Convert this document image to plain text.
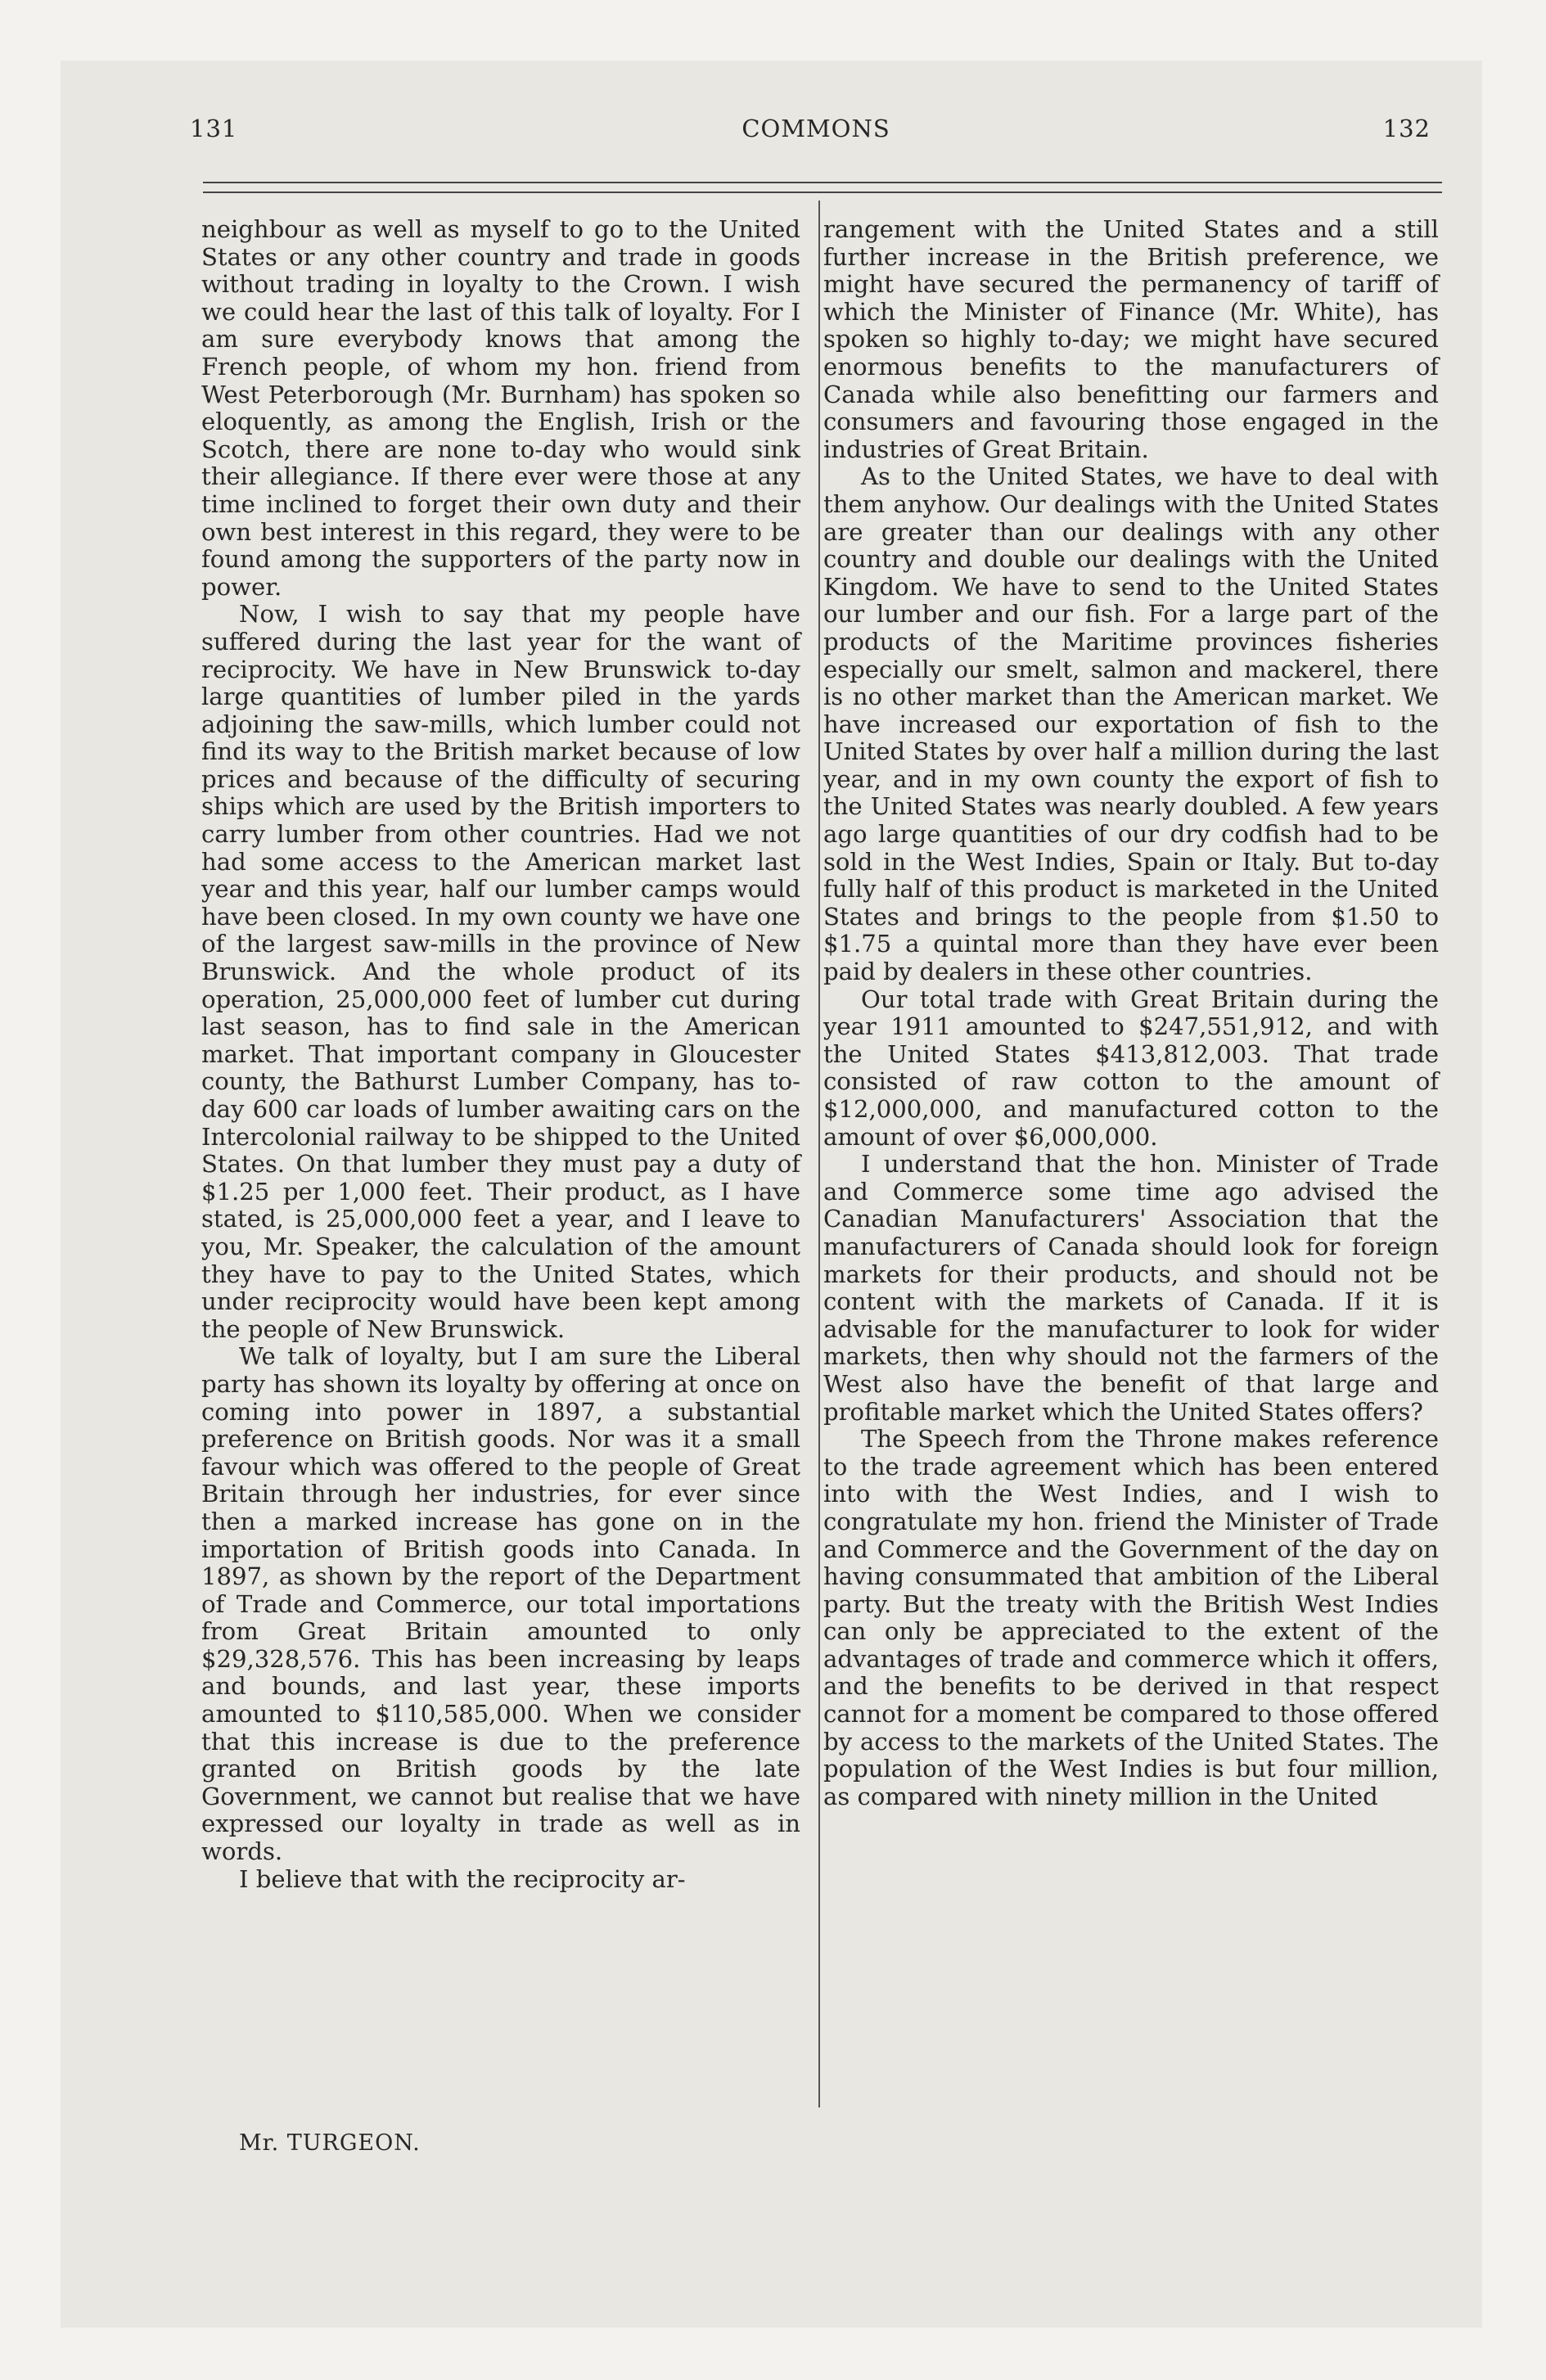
131	COMMONS	132

neighbour as well as myself to go to the United States or any other country and trade in goods without trading in loyalty to the Crown. I wish we could hear the last of this talk of loyalty. For I am sure everybody knows that among the French people, of whom my hon. friend from West Peterborough (Mr. Burnham) has spoken so eloquently, as among the English, Irish or the Scotch, there are none to-day who would sink their allegiance. If there ever were those at any time inclined to forget their own duty and their own best interest in this regard, they were to be found among the supporters of the party now in power.

Now, I wish to say that my people have suffered during the last year for the want of reciprocity. We have in New Brunswick to-day large quantities of lumber piled in the yards adjoining the saw-mills, which lumber could not find its way to the British market because of low prices and because of the difficulty of securing ships which are used by the British importers to carry lumber from other countries. Had we not had some access to the American market last year and this year, half our lumber camps would have been closed. In my own county we have one of the largest saw-mills in the province of New Brunswick. And the whole product of its operation, 25,000,000 feet of lumber cut during last season, has to find sale in the American market. That important company in Gloucester county, the Bathurst Lumber Company, has to-day 600 car loads of lumber awaiting cars on the Intercolonial railway to be shipped to the United States. On that lumber they must pay a duty of $1.25 per 1,000 feet. Their product, as I have stated, is 25,000,000 feet a year, and I leave to you, Mr. Speaker, the calculation of the amount they have to pay to the United States, which under reciprocity would have been kept among the people of New Brunswick.

We talk of loyalty, but I am sure the Liberal party has shown its loyalty by offering at once on coming into power in 1897, a substantial preference on British goods. Nor was it a small favour which was offered to the people of Great Britain through her industries, for ever since then a marked increase has gone on in the importation of British goods into Canada. In 1897, as shown by the report of the Department of Trade and Commerce, our total importations from Great Britain amounted to only $29,328,576. This has been increasing by leaps and bounds, and last year, these imports amounted to $110,585,000. When we consider that this increase is due to the preference granted on British goods by the late Government, we cannot but realise that we have expressed our loyalty in trade as well as in words.

I believe that with the reciprocity ar-

rangement with the United States and a still further increase in the British preference, we might have secured the permanency of tariff of which the Minister of Finance (Mr. White), has spoken so highly to-day; we might have secured enormous benefits to the manufacturers of Canada while also benefitting our farmers and consumers and favouring those engaged in the industries of Great Britain.

As to the United States, we have to deal with them anyhow. Our dealings with the United States are greater than our dealings with any other country and double our dealings with the United Kingdom. We have to send to the United States our lumber and our fish. For a large part of the products of the Maritime provinces fisheries especially our smelt, salmon and mackerel, there is no other market than the American market. We have increased our exportation of fish to the United States by over half a million during the last year, and in my own county the export of fish to the United States was nearly doubled. A few years ago large quantities of our dry codfish had to be sold in the West Indies, Spain or Italy. But to-day fully half of this product is marketed in the United States and brings to the people from $1.50 to $1.75 a quintal more than they have ever been paid by dealers in these other countries.

Our total trade with Great Britain during the year 1911 amounted to $247,551,912, and with the United States $413,812,003. That trade consisted of raw cotton to the amount of $12,000,000, and manufactured cotton to the amount of over $6,000,000.

I understand that the hon. Minister of Trade and Commerce some time ago advised the Canadian Manufacturers' Association that the manufacturers of Canada should look for foreign markets for their products, and should not be content with the markets of Canada. If it is advisable for the manufacturer to look for wider markets, then why should not the farmers of the West also have the benefit of that large and profitable market which the United States offers?

The Speech from the Throne makes reference to the trade agreement which has been entered into with the West Indies, and I wish to congratulate my hon. friend the Minister of Trade and Commerce and the Government of the day on having consummated that ambition of the Liberal party. But the treaty with the British West Indies can only be appreciated to the extent of the advantages of trade and commerce which it offers, and the benefits to be derived in that respect cannot for a moment be compared to those offered by access to the markets of the United States. The population of the West Indies is but four million, as compared with ninety million in the United

Mr. TURGEON.
